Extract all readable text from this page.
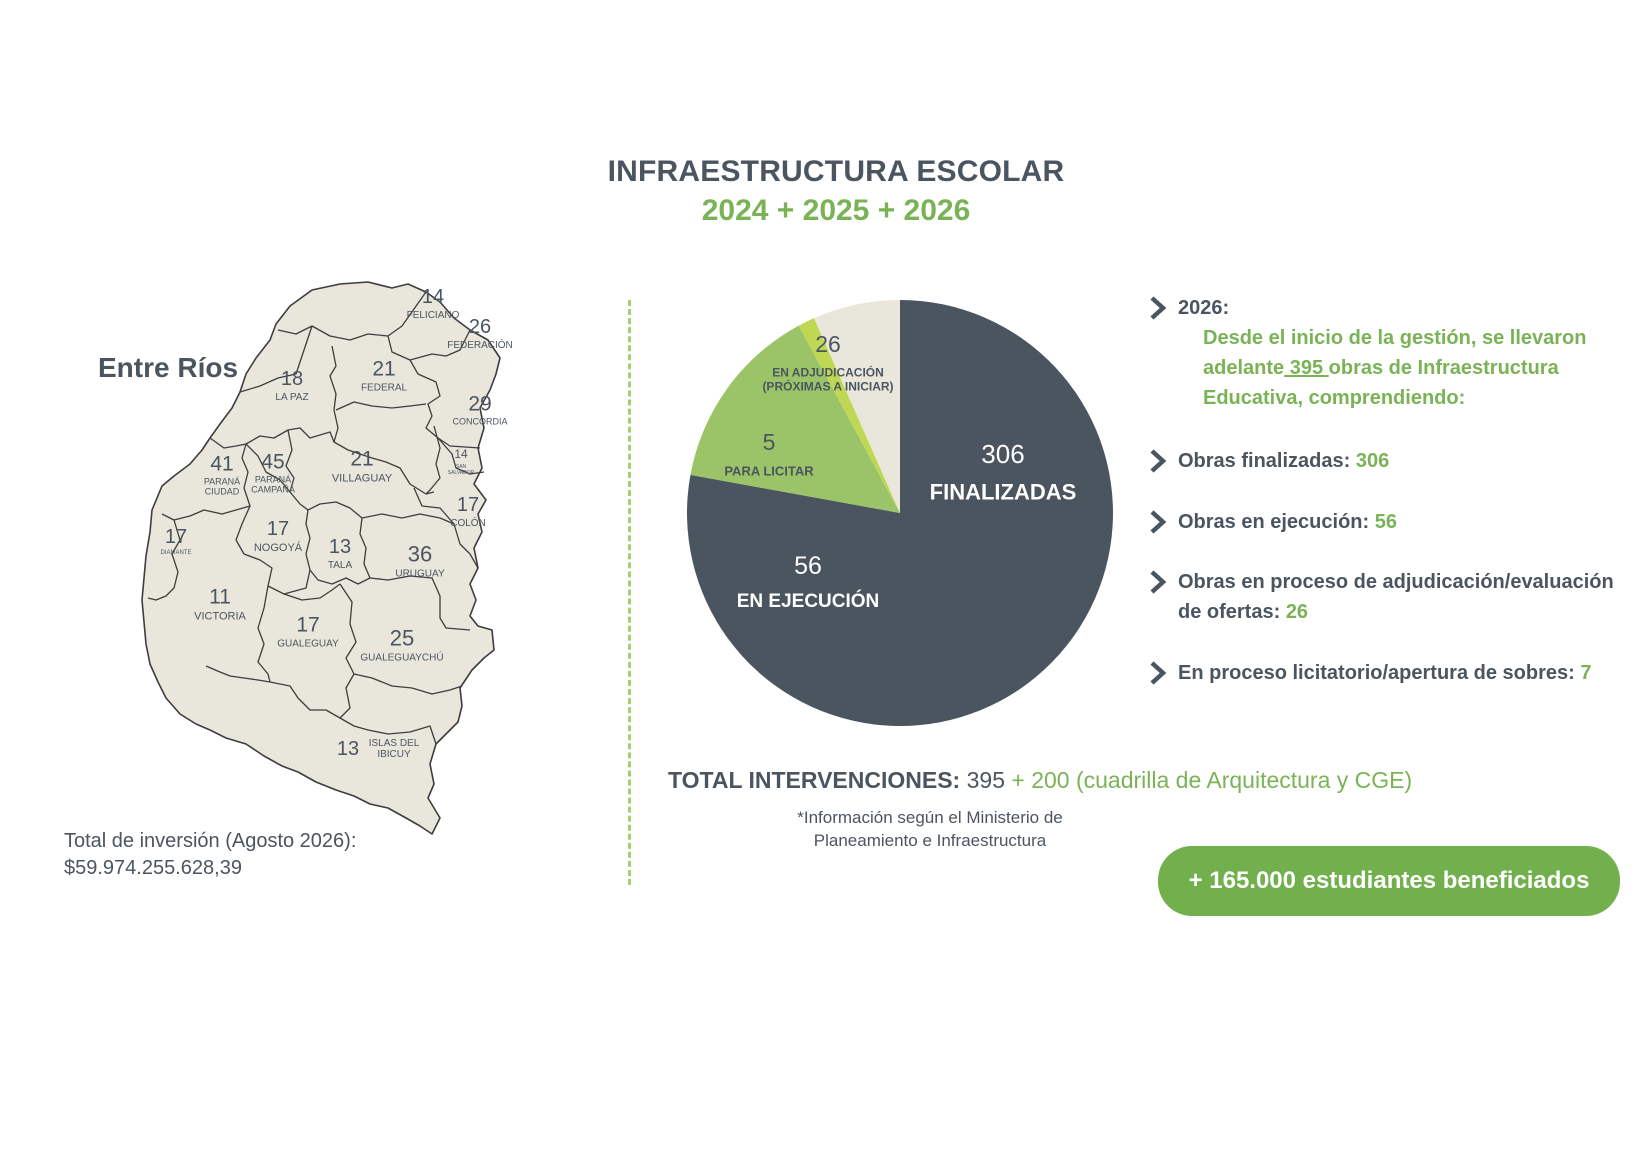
INFRAESTRUCTURA ESCOLAR
2024 + 2025 + 2026
14
FELICIANO
26
FEDERACIÓN
18
LA PAZ
21
FEDERAL
29
CONCORDIA
41
PARANÁ
CIUDAD
45
PARANÁ
CAMPAÑA
21
VILLAGUAY
14
SAN
SALVADOR
17
COLÓN
17
DIAMANTE
17
NOGOYÁ 13
TALA	36
URUGUAY
11
VICTORIA 17
GUALEGUAY 25
GUALEGUAYCHÚ
13 ISLAS DEL
IBICUY
Entre Ríos
Total de inversión (Agosto 2026):
$59.974.255.628,39
306
FINALIZADAS
56
EN EJECUCIÓN
5
PARA LICITAR
26
EN ADJUDICACIÓN
(PRÓXIMAS A INICIAR)
TOTAL INTERVENCIONES: 395 + 200 (cuadrilla de Arquitectura y CGE)
*Información según el Ministerio de
Planeamiento e Infraestructura
2026:
Desde el inicio de la gestión, se llevaron adelante 395 obras de Infraestructura Educativa, comprendiendo:
Obras finalizadas: 306
Obras en ejecución: 56
Obras en proceso de adjudicación/evaluación de ofertas: 26
En proceso licitatorio/apertura de sobres: 7
+ 165.000 estudiantes beneficiados
